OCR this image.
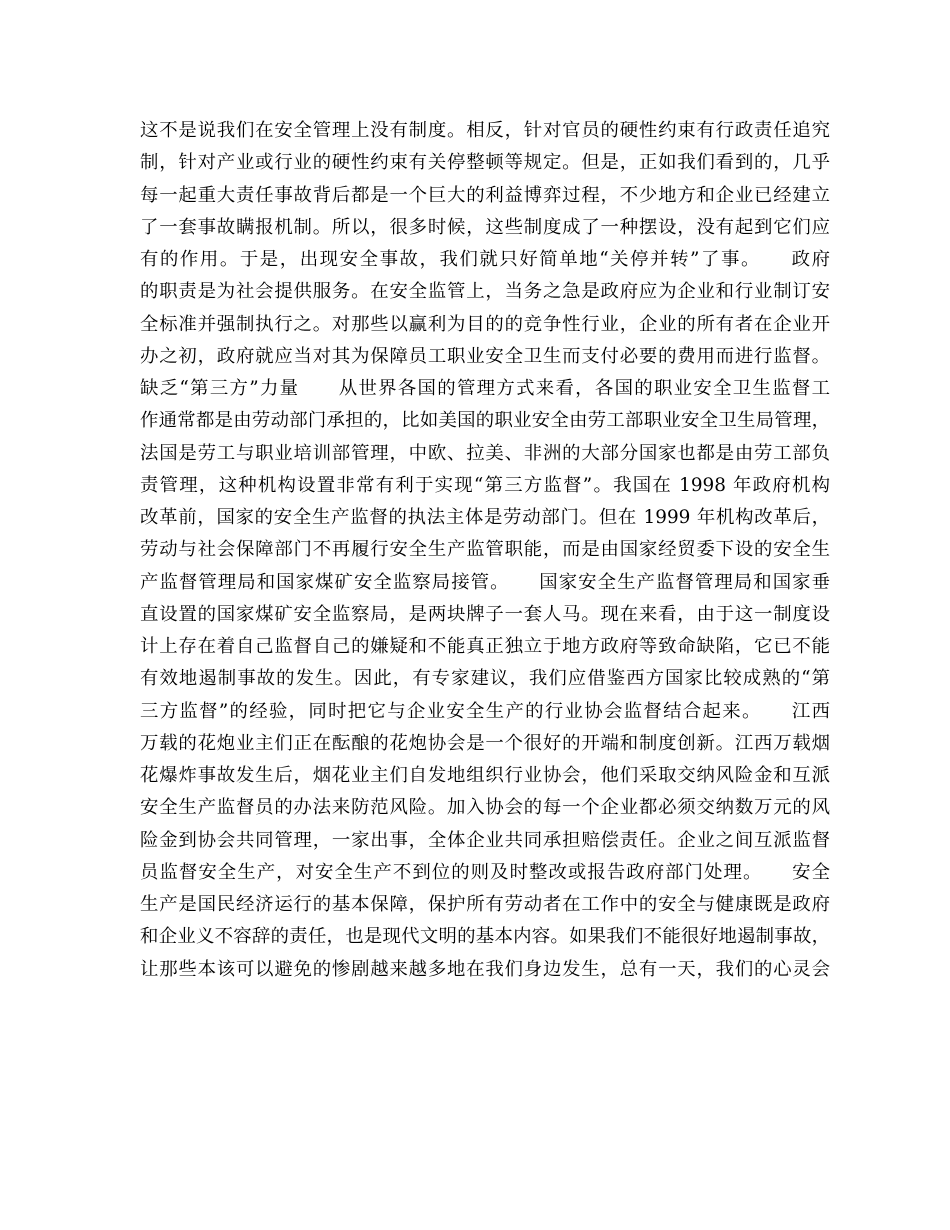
这不是说我们在安全管理上没有制度。相反，针对官员的硬性约束有行政责任追究
制，针对产业或行业的硬性约束有关停整顿等规定。但是，正如我们看到的，几乎
每一起重大责任事故背后都是一个巨大的利益博弈过程，不少地方和企业已经建立
了一套事故瞒报机制。所以，很多时候，这些制度成了一种摆设，没有起到它们应
有的作用。于是，出现安全事故，我们就只好简单地“关停并转”了事。　　政府
的职责是为社会提供服务。在安全监管上，当务之急是政府应为企业和行业制订安
全标准并强制执行之。对那些以赢利为目的的竞争性行业，企业的所有者在企业开
办之初，政府就应当对其为保障员工职业安全卫生而支付必要的费用而进行监督。
缺乏“第三方”力量　　从世界各国的管理方式来看，各国的职业安全卫生监督工
作通常都是由劳动部门承担的，比如美国的职业安全由劳工部职业安全卫生局管理，
法国是劳工与职业培训部管理，中欧、拉美、非洲的大部分国家也都是由劳工部负
责管理，这种机构设置非常有利于实现“第三方监督”。我国在 1998 年政府机构
改革前，国家的安全生产监督的执法主体是劳动部门。但在 1999 年机构改革后，
劳动与社会保障部门不再履行安全生产监管职能，而是由国家经贸委下设的安全生
产监督管理局和国家煤矿安全监察局接管。　　国家安全生产监督管理局和国家垂
直设置的国家煤矿安全监察局，是两块牌子一套人马。现在来看，由于这一制度设
计上存在着自己监督自己的嫌疑和不能真正独立于地方政府等致命缺陷，它已不能
有效地遏制事故的发生。因此，有专家建议，我们应借鉴西方国家比较成熟的“第
三方监督”的经验，同时把它与企业安全生产的行业协会监督结合起来。　　江西
万载的花炮业主们正在酝酿的花炮协会是一个很好的开端和制度创新。江西万载烟
花爆炸事故发生后，烟花业主们自发地组织行业协会，他们采取交纳风险金和互派
安全生产监督员的办法来防范风险。加入协会的每一个企业都必须交纳数万元的风
险金到协会共同管理，一家出事，全体企业共同承担赔偿责任。企业之间互派监督
员监督安全生产，对安全生产不到位的则及时整改或报告政府部门处理。　　安全
生产是国民经济运行的基本保障，保护所有劳动者在工作中的安全与健康既是政府
和企业义不容辞的责任，也是现代文明的基本内容。如果我们不能很好地遏制事故，
让那些本该可以避免的惨剧越来越多地在我们身边发生，总有一天，我们的心灵会
